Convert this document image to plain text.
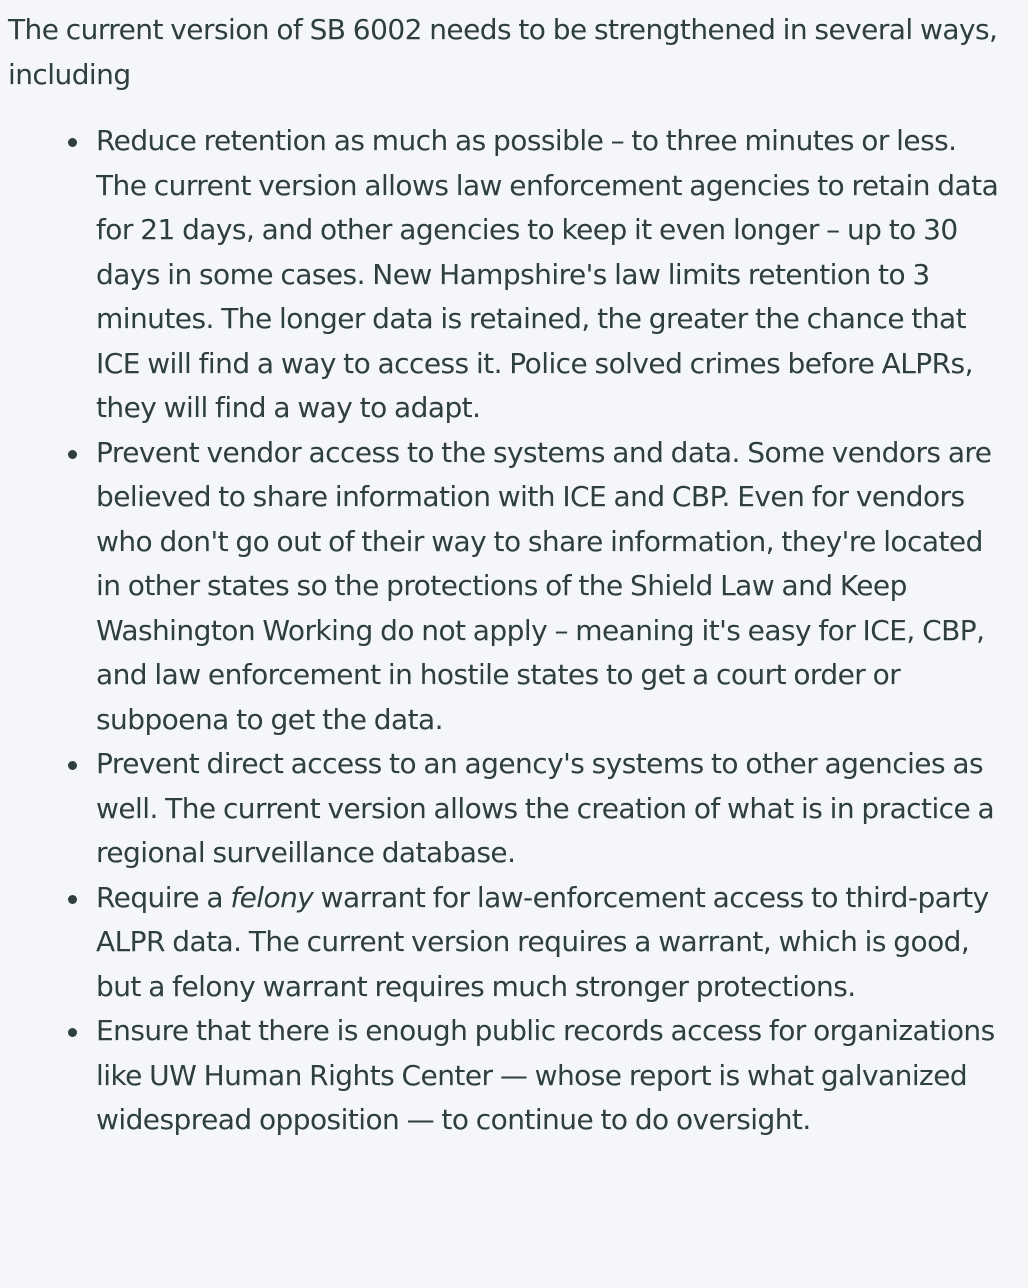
The current version of SB 6002 needs to be strengthened in several ways, including

Reduce retention as much as possible – to three minutes or less. The current version allows law enforcement agencies to retain data for 21 days, and other agencies to keep it even longer – up to 30 days in some cases. New Hampshire's law limits retention to 3 minutes. The longer data is retained, the greater the chance that ICE will find a way to access it. Police solved crimes before ALPRs, they will find a way to adapt.
Prevent vendor access to the systems and data. Some vendors are believed to share information with ICE and CBP. Even for vendors who don't go out of their way to share information, they're located in other states so the protections of the Shield Law and Keep Washington Working do not apply – meaning it's easy for ICE, CBP, and law enforcement in hostile states to get a court order or subpoena to get the data.
Prevent direct access to an agency's systems to other agencies as well. The current version allows the creation of what is in practice a regional surveillance database.
Require a felony warrant for law-enforcement access to third-party ALPR data. The current version requires a warrant, which is good, but a felony warrant requires much stronger protections.
Ensure that there is enough public records access for organizations like UW Human Rights Center — whose report is what galvanized widespread opposition — to continue to do oversight.
